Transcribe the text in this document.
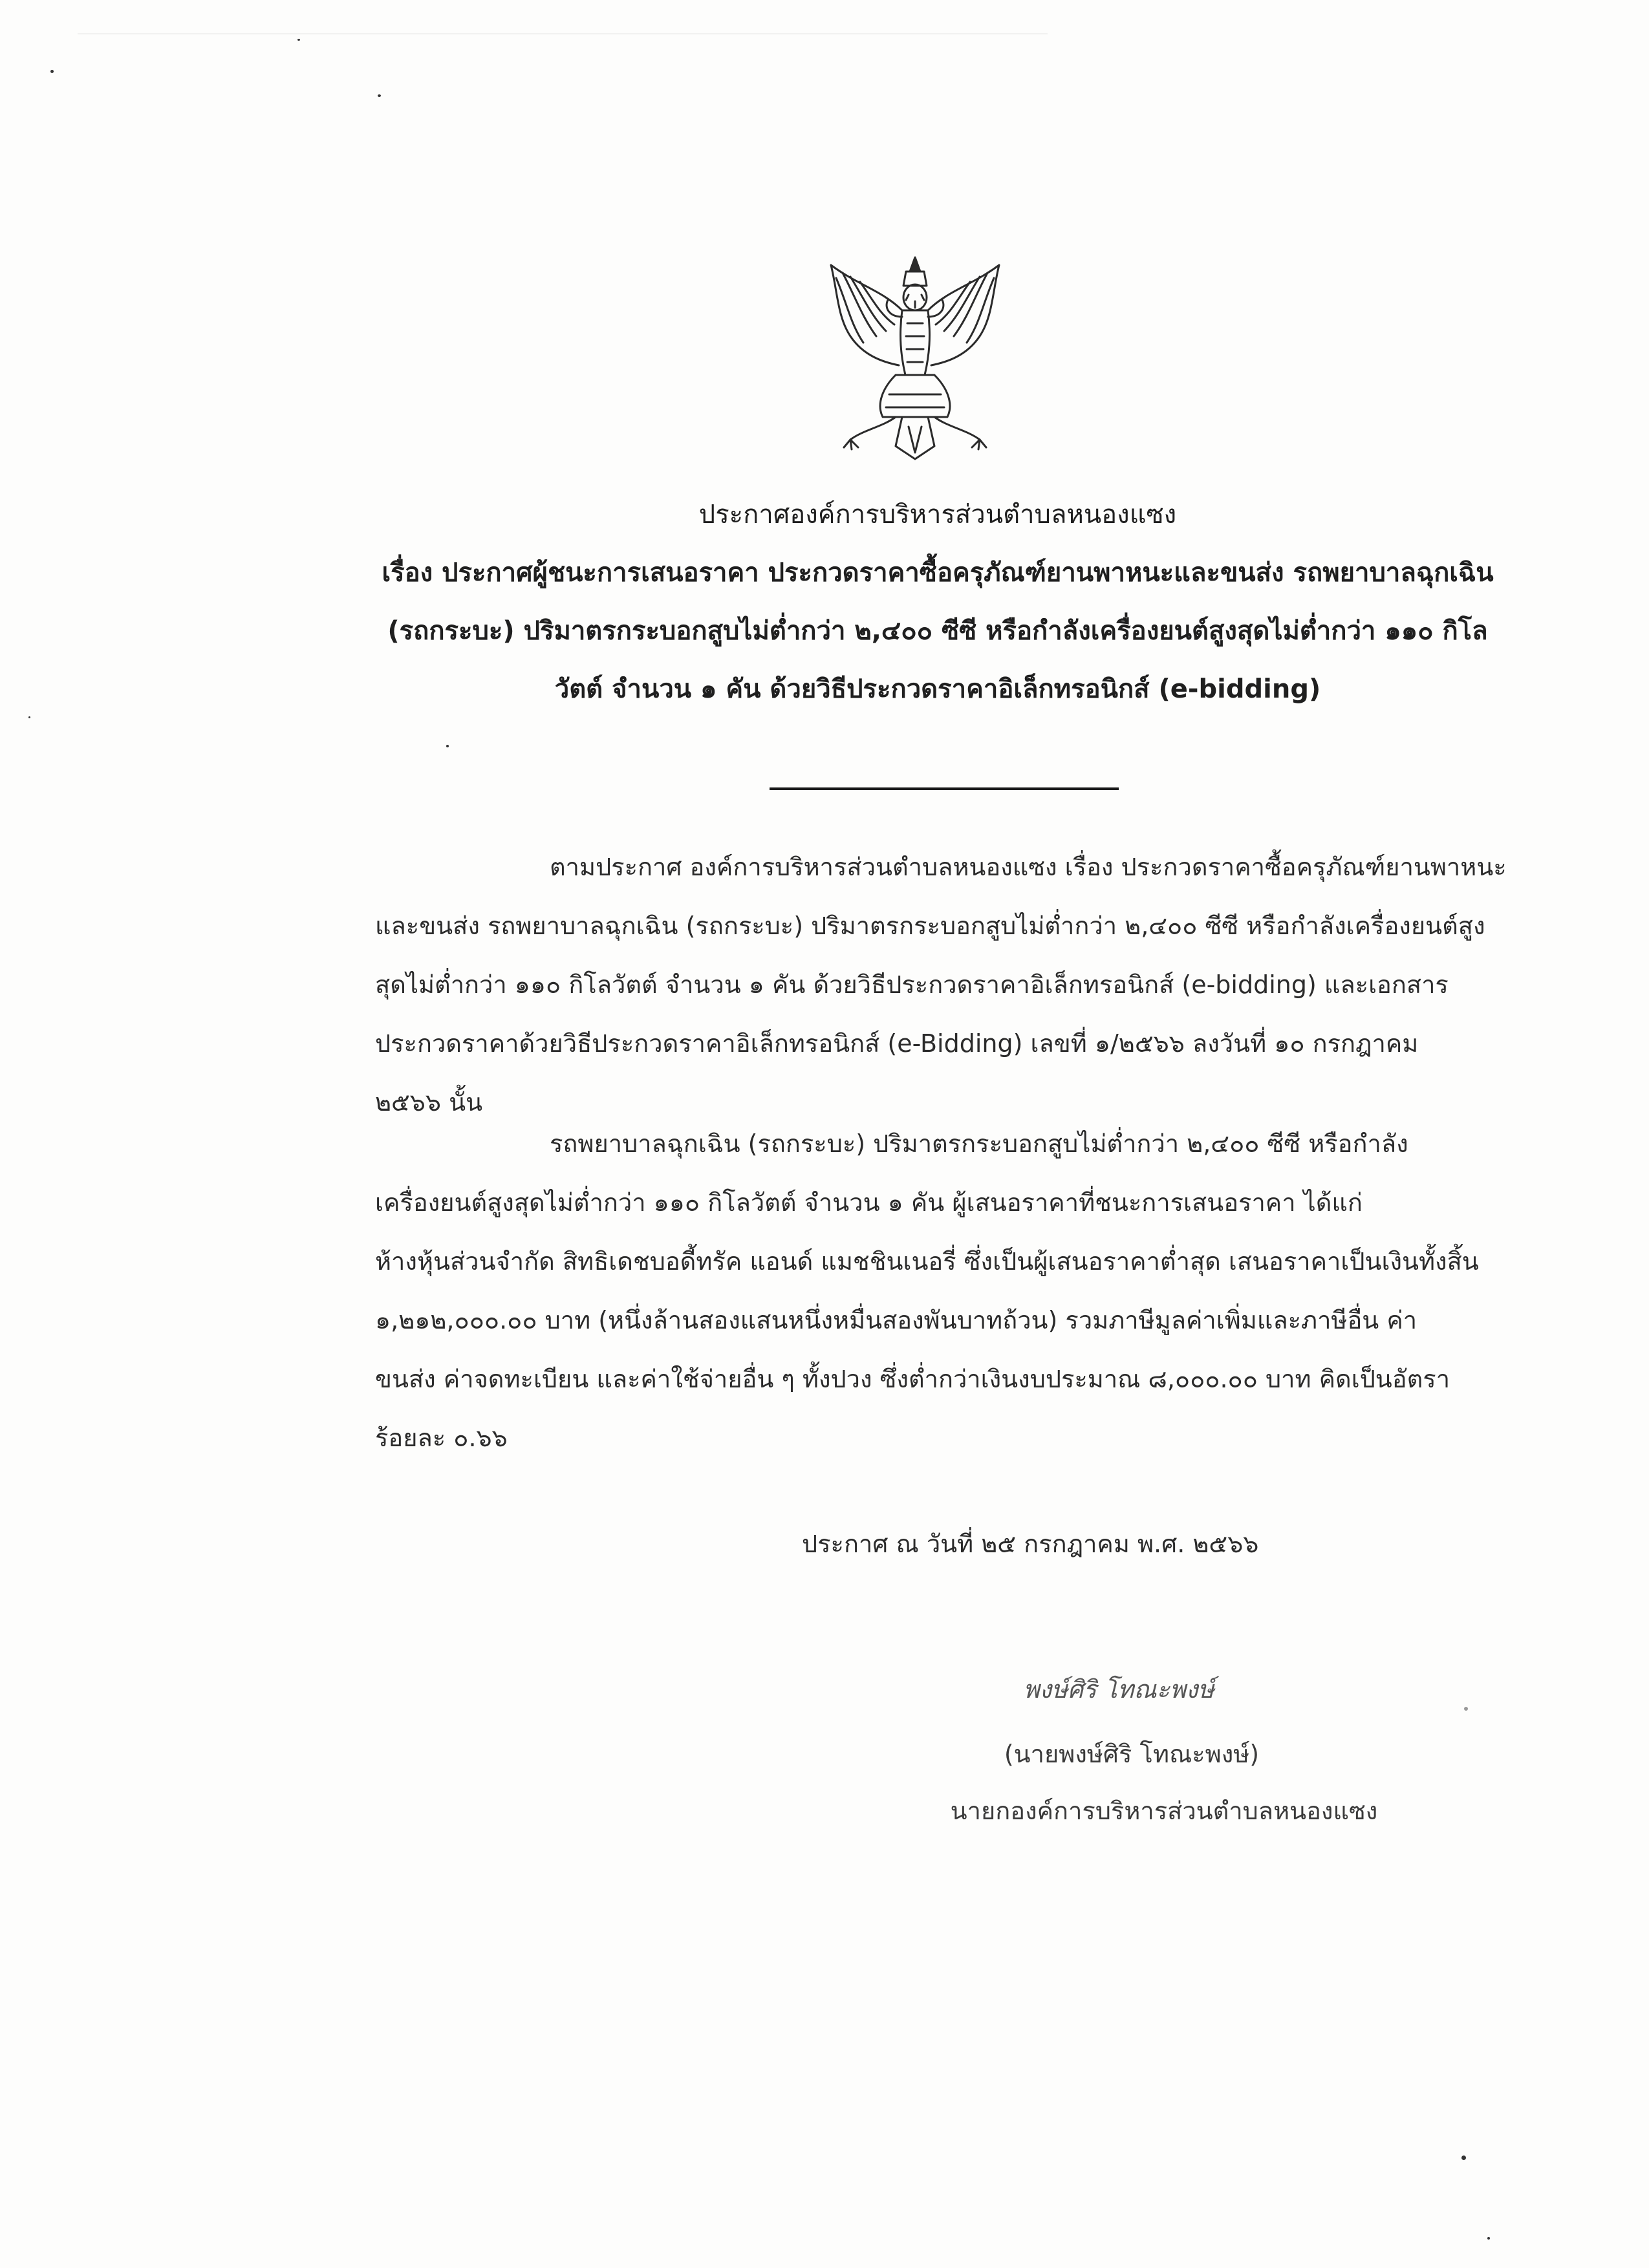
ประกาศองค์การบริหารส่วนตำบลหนองแซง
เรื่อง ประกาศผู้ชนะการเสนอราคา ประกวดราคาซื้อครุภัณฑ์ยานพาหนะและขนส่ง รถพยาบาลฉุกเฉิน
(รถกระบะ) ปริมาตรกระบอกสูบไม่ต่ำกว่า ๒,๔๐๐ ซีซี หรือกำลังเครื่องยนต์สูงสุดไม่ต่ำกว่า ๑๑๐ กิโล
วัตต์ จำนวน ๑ คัน ด้วยวิธีประกวดราคาอิเล็กทรอนิกส์ (e-bidding)
ตามประกาศ องค์การบริหารส่วนตำบลหนองแซง เรื่อง ประกวดราคาซื้อครุภัณฑ์ยานพาหนะ
และขนส่ง รถพยาบาลฉุกเฉิน (รถกระบะ) ปริมาตรกระบอกสูบไม่ต่ำกว่า ๒,๔๐๐ ซีซี หรือกำลังเครื่องยนต์สูง
สุดไม่ต่ำกว่า ๑๑๐ กิโลวัตต์ จำนวน ๑ คัน ด้วยวิธีประกวดราคาอิเล็กทรอนิกส์ (e-bidding) และเอกสาร
ประกวดราคาด้วยวิธีประกวดราคาอิเล็กทรอนิกส์ (e-Bidding) เลขที่ ๑/๒๕๖๖ ลงวันที่ ๑๐ กรกฎาคม
๒๕๖๖ นั้น
รถพยาบาลฉุกเฉิน (รถกระบะ) ปริมาตรกระบอกสูบไม่ต่ำกว่า ๒,๔๐๐ ซีซี หรือกำลัง
เครื่องยนต์สูงสุดไม่ต่ำกว่า ๑๑๐ กิโลวัตต์ จำนวน ๑ คัน ผู้เสนอราคาที่ชนะการเสนอราคา ได้แก่
ห้างหุ้นส่วนจำกัด สิทธิเดชบอดี้ทรัค แอนด์ แมชชินเนอรี่ ซึ่งเป็นผู้เสนอราคาต่ำสุด เสนอราคาเป็นเงินทั้งสิ้น
๑,๒๑๒,๐๐๐.๐๐ บาท (หนึ่งล้านสองแสนหนึ่งหมื่นสองพันบาทถ้วน) รวมภาษีมูลค่าเพิ่มและภาษีอื่น ค่า
ขนส่ง ค่าจดทะเบียน และค่าใช้จ่ายอื่น ๆ ทั้งปวง ซึ่งต่ำกว่าเงินงบประมาณ ๘,๐๐๐.๐๐ บาท คิดเป็นอัตรา
ร้อยละ ๐.๖๖
ประกาศ ณ วันที่ ๒๕ กรกฎาคม พ.ศ. ๒๕๖๖
พงษ์ศิริ โทณะพงษ์
(นายพงษ์ศิริ โทณะพงษ์)
นายกองค์การบริหารส่วนตำบลหนองแซง
